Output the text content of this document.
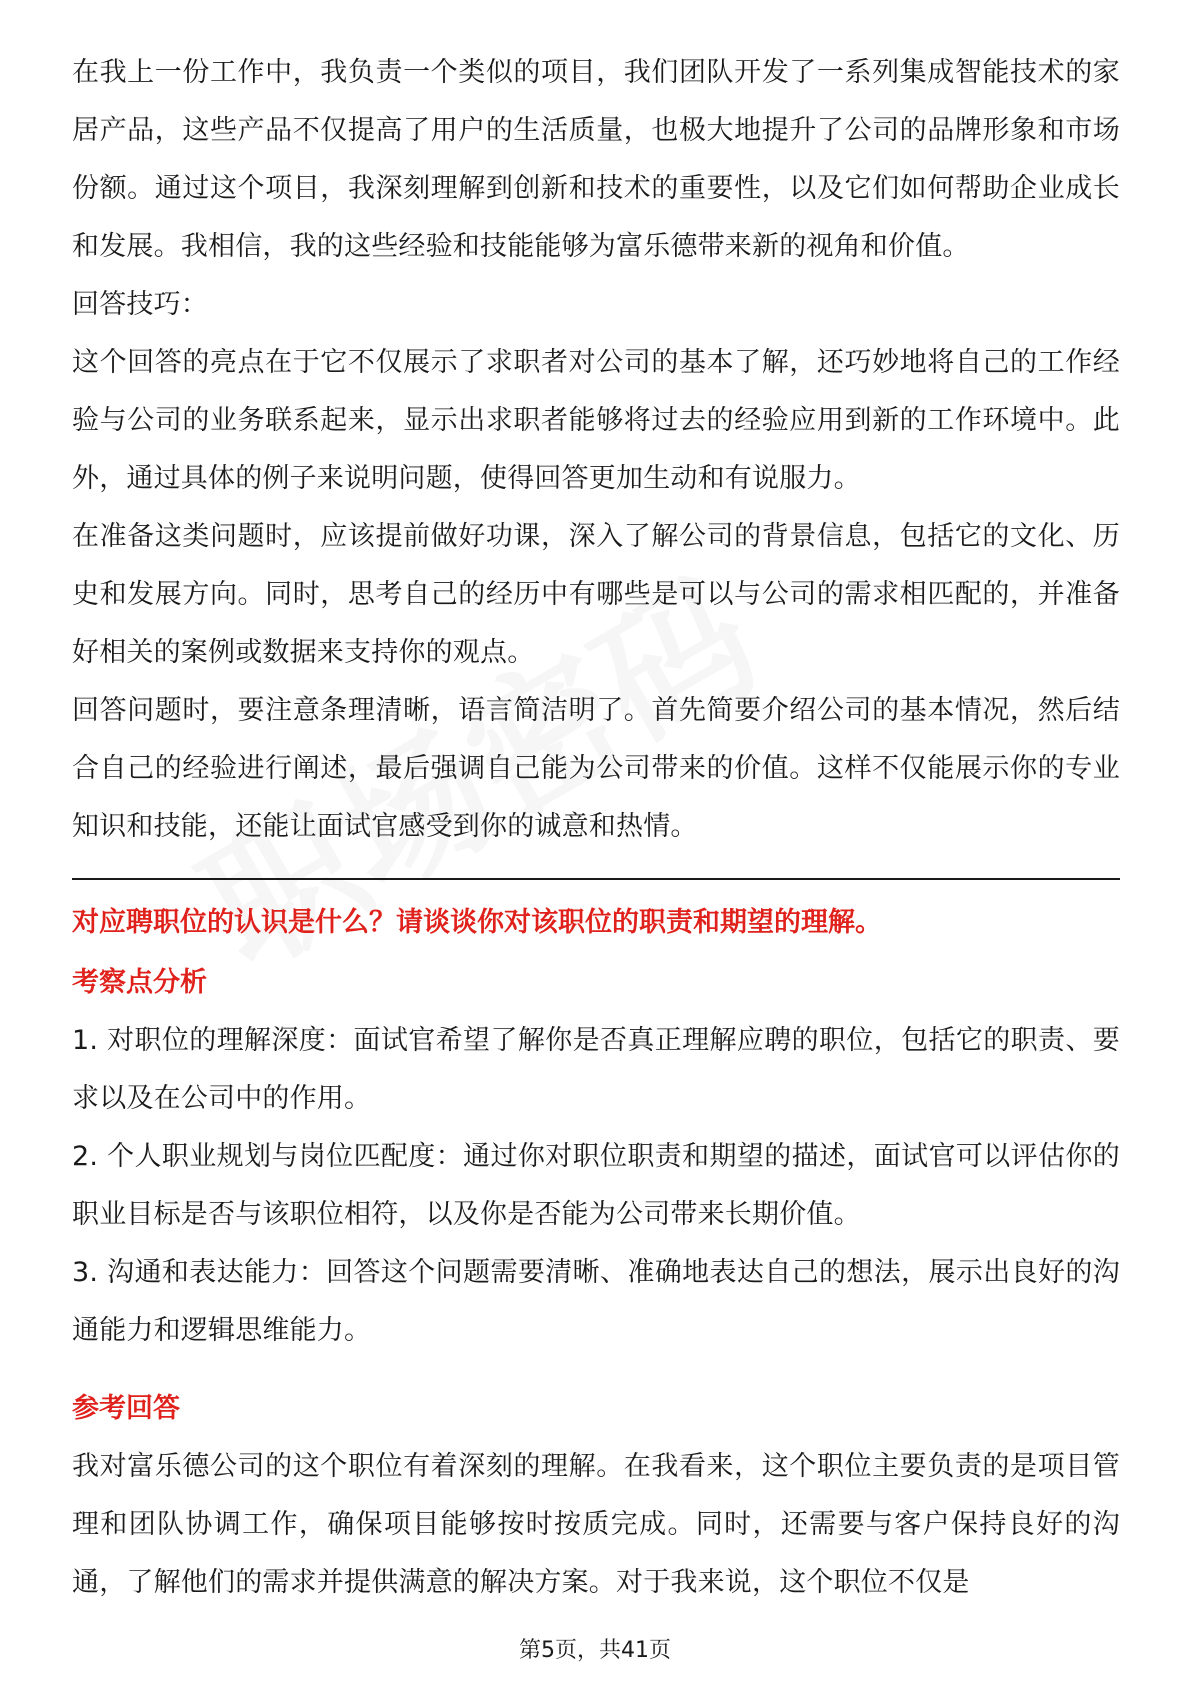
在我上一份工作中，我负责一个类似的项目，我们团队开发了一系列集成智能技术的家居产品，这些产品不仅提高了用户的生活质量，也极大地提升了公司的品牌形象和市场份额。通过这个项目，我深刻理解到创新和技术的重要性，以及它们如何帮助企业成长和发展。我相信，我的这些经验和技能能够为富乐德带来新的视角和价值。

回答技巧：

这个回答的亮点在于它不仅展示了求职者对公司的基本了解，还巧妙地将自己的工作经验与公司的业务联系起来，显示出求职者能够将过去的经验应用到新的工作环境中。此外，通过具体的例子来说明问题，使得回答更加生动和有说服力。

在准备这类问题时，应该提前做好功课，深入了解公司的背景信息，包括它的文化、历史和发展方向。同时，思考自己的经历中有哪些是可以与公司的需求相匹配的，并准备好相关的案例或数据来支持你的观点。

回答问题时，要注意条理清晰，语言简洁明了。首先简要介绍公司的基本情况，然后结合自己的经验进行阐述，最后强调自己能为公司带来的价值。这样不仅能展示你的专业知识和技能，还能让面试官感受到你的诚意和热情。

对应聘职位的认识是什么？请谈谈你对该职位的职责和期望的理解。
考察点分析

1. 对职位的理解深度：面试官希望了解你是否真正理解应聘的职位，包括它的职责、要求以及在公司中的作用。

2. 个人职业规划与岗位匹配度：通过你对职位职责和期望的描述，面试官可以评估你的职业目标是否与该职位相符，以及你是否能为公司带来长期价值。

3. 沟通和表达能力：回答这个问题需要清晰、准确地表达自己的想法，展示出良好的沟通能力和逻辑思维能力。

参考回答

我对富乐德公司的这个职位有着深刻的理解。在我看来，这个职位主要负责的是项目管理和团队协调工作，确保项目能够按时按质完成。同时，还需要与客户保持良好的沟通，了解他们的需求并提供满意的解决方案。对于我来说，这个职位不仅是

第5页，共41页
